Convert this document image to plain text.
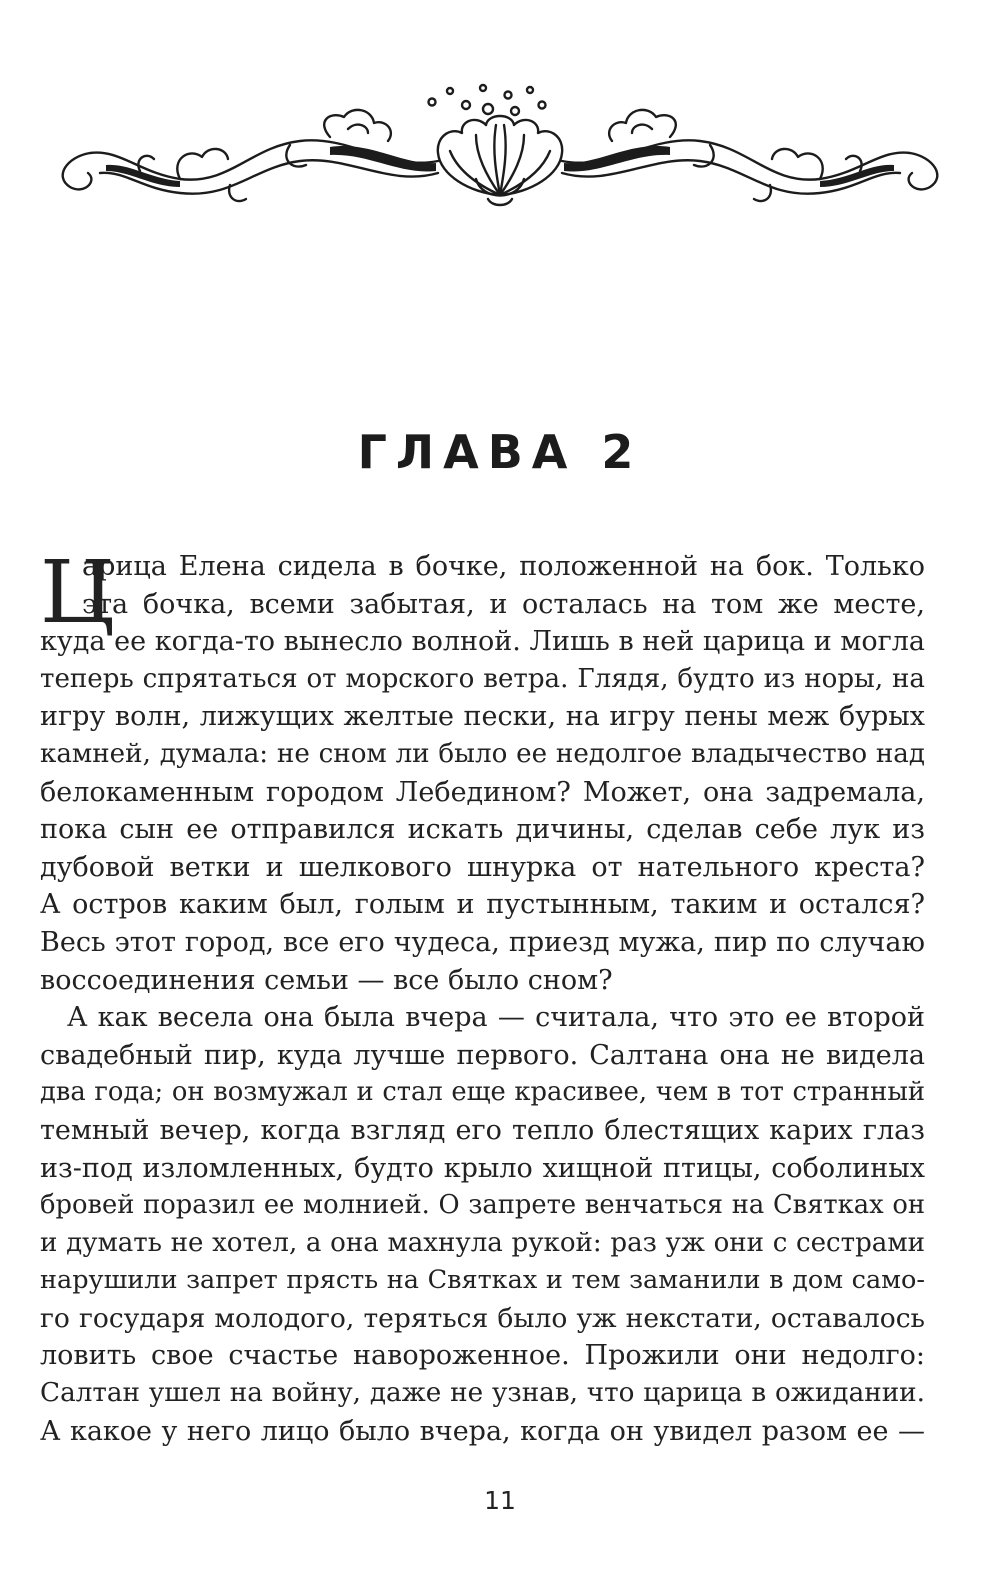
ГЛАВА 2
Ц
арица Елена сидела в бочке, положенной на бок. Только
эта бочка, всеми забытая, и осталась на том же месте,
куда ее когда-то вынесло волной. Лишь в ней царица и могла
теперь спрятаться от морского ветра. Глядя, будто из норы, на
игру волн, лижущих желтые пески, на игру пены меж бурых
камней, думала: не сном ли было ее недолгое владычество над
белокаменным городом Лебедином? Может, она задремала,
пока сын ее отправился искать дичины, сделав себе лук из
дубовой ветки и шелкового шнурка от нательного креста?
А остров каким был, голым и пустынным, таким и остался?
Весь этот город, все его чудеса, приезд мужа, пир по случаю
воссоединения семьи — все было сном?
А как весела она была вчера — считала, что это ее второй
свадебный пир, куда лучше первого. Салтана она не видела
два года; он возмужал и стал еще красивее, чем в тот странный
темный вечер, когда взгляд его тепло блестящих карих глаз
из-под изломленных, будто крыло хищной птицы, соболиных
бровей поразил ее молнией. О запрете венчаться на Святках он
и думать не хотел, а она махнула рукой: раз уж они с сестрами
нарушили запрет прясть на Святках и тем заманили в дом само-
го государя молодого, теряться было уж некстати, оставалось
ловить свое счастье навороженное. Прожили они недолго:
Салтан ушел на войну, даже не узнав, что царица в ожидании.
А какое у него лицо было вчера, когда он увидел разом ее —
11
